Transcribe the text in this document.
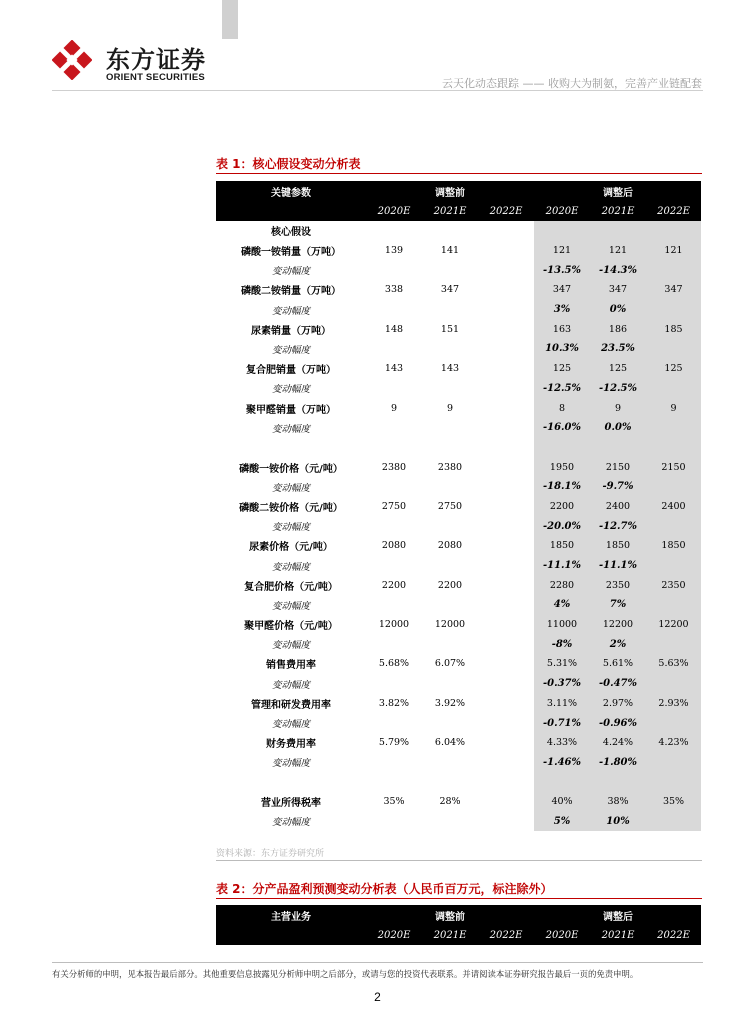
东方证券
ORIENT SECURITIES	云天化动态跟踪 —— 收购大为制氨，完善产业链配套
表 1：核心假设变动分析表
关键参数		调整前			调整后	
	2020E	2021E	2022E	2020E	2021E	2022E
核心假设						
磷酸一铵销量（万吨）	139	141		121	121	121
变动幅度				-13.5%	-14.3%	
磷酸二铵销量（万吨）	338	347		347	347	347
变动幅度				3%	0%	
尿素销量（万吨）	148	151		163	186	185
变动幅度				10.3%	23.5%	
复合肥销量（万吨）	143	143		125	125	125
变动幅度				-12.5%	-12.5%	
聚甲醛销量（万吨）	9	9		8	9	9
变动幅度				-16.0%	0.0%	

磷酸一铵价格（元/吨）	2380	2380		1950	2150	2150
变动幅度				-18.1%	-9.7%	
磷酸二铵价格（元/吨）	2750	2750		2200	2400	2400
变动幅度				-20.0%	-12.7%	
尿素价格（元/吨）	2080	2080		1850	1850	1850
变动幅度				-11.1%	-11.1%	
复合肥价格（元/吨）	2200	2200		2280	2350	2350
变动幅度				4%	7%	
聚甲醛价格（元/吨）	12000	12000		11000	12200	12200
变动幅度				-8%	2%	
销售费用率	5.68%	6.07%		5.31%	5.61%	5.63%
变动幅度				-0.37%	-0.47%	
管理和研发费用率	3.82%	3.92%		3.11%	2.97%	2.93%
变动幅度				-0.71%	-0.96%	
财务费用率	5.79%	6.04%		4.33%	4.24%	4.23%
变动幅度				-1.46%	-1.80%	

营业所得税率	35%	28%		40%	38%	35%
变动幅度				5%	10%	
资料来源：东方证券研究所
表 2：分产品盈利预测变动分析表（人民币百万元，标注除外）
主营业务		调整前			调整后	
	2020E	2021E	2022E	2020E	2021E	2022E
有关分析师的申明，见本报告最后部分。其他重要信息披露见分析师申明之后部分，或请与您的投资代表联系。并请阅读本证券研究报告最后一页的免责申明。
2
